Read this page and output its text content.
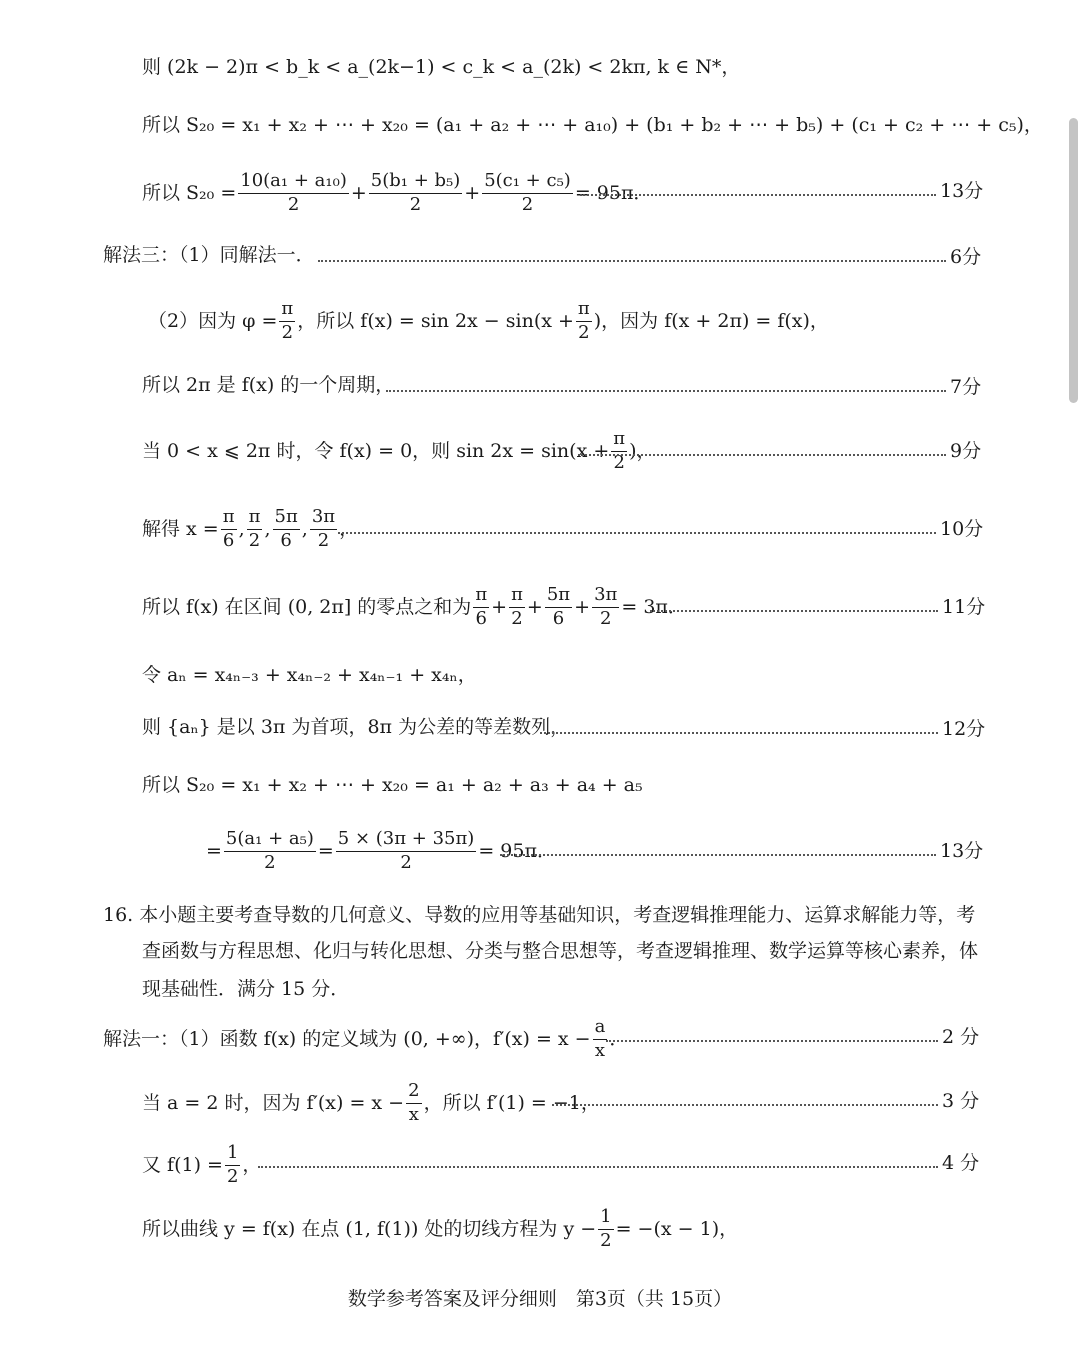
则 (2k − 2)π < b_k < a_(2k−1) < c_k < a_(2k) < 2kπ, k ∈ N*，
所以 S₂₀ = x₁ + x₂ + ⋯ + x₂₀ = (a₁ + a₂ + ⋯ + a₁₀) + (b₁ + b₂ + ⋯ + b₅) + (c₁ + c₂ + ⋯ + c₅)，
所以 $S_{20} = \frac{\text{10(a₁ + a₁₀)}}{2} + \frac{\text{5(b₁ + b₅)}}{2} + \frac{\text{5(c₁ + c₅)}}{2} = 95\pi$．	13分
解法三：（1）同解法一．	6分
（2）因为 $\varphi = \frac{\pi}{2}$ ，所以 $f(x) = \sin 2x - \sin(x + \frac{\pi}{2}$ )，因为 f(x + 2π) = f(x)，
所以 2π 是 f(x) 的一个周期，	7分
当 0 < x ⩽ 2π 时，令 f(x) = 0，则 $\sin 2x = \sin(x + \frac{\pi}{2}$ )，	9分
解得 $x = \frac{\pi}{6}$ , $\frac{\pi}{2}$ , $\frac{5\pi}{6}$ , $\frac{3\pi}{2}$ ，	10分
所以 f(x) 在区间 (0, 2π] 的零点之和为 $\frac{\pi}{6} + \frac{\pi}{2} + \frac{5\pi}{6} + \frac{3\pi}{2} = 3\pi$．	11分
令 aₙ = x₄ₙ₋₃ + x₄ₙ₋₂ + x₄ₙ₋₁ + x₄ₙ，
则 {aₙ} 是以 3π 为首项，8π 为公差的等差数列，	12分
所以 S₂₀ = x₁ + x₂ + ⋯ + x₂₀ = a₁ + a₂ + a₃ + a₄ + a₅
= $\frac{\text{5(a₁ + a₅)}}{2} = \frac{5 \times (3\pi + 35\pi)}{2} = 95\pi$．	13分
16. 本小题主要考查导数的几何意义、导数的应用等基础知识，考查逻辑推理能力、运算求解能力等，考
查函数与方程思想、化归与转化思想、分类与整合思想等，考查逻辑推理、数学运算等核心素养，体
现基础性．满分 15 分．
解法一：（1）函数 f(x) 的定义域为 (0, +∞)，$f'(x) = x - \frac{a}{x}$ ．	2 分
当 a = 2 时，因为 $f'(x) = x - \frac{2}{x}$ ，所以 f′(1) = −1，	3 分
又 $f(1) = \frac{1}{2}$ ，	4 分
所以曲线 y = f(x) 在点 (1, f(1)) 处的切线方程为 $y - \frac{1}{2} = -(x - 1)$，
数学参考答案及评分细则　第3页（共 15页）
